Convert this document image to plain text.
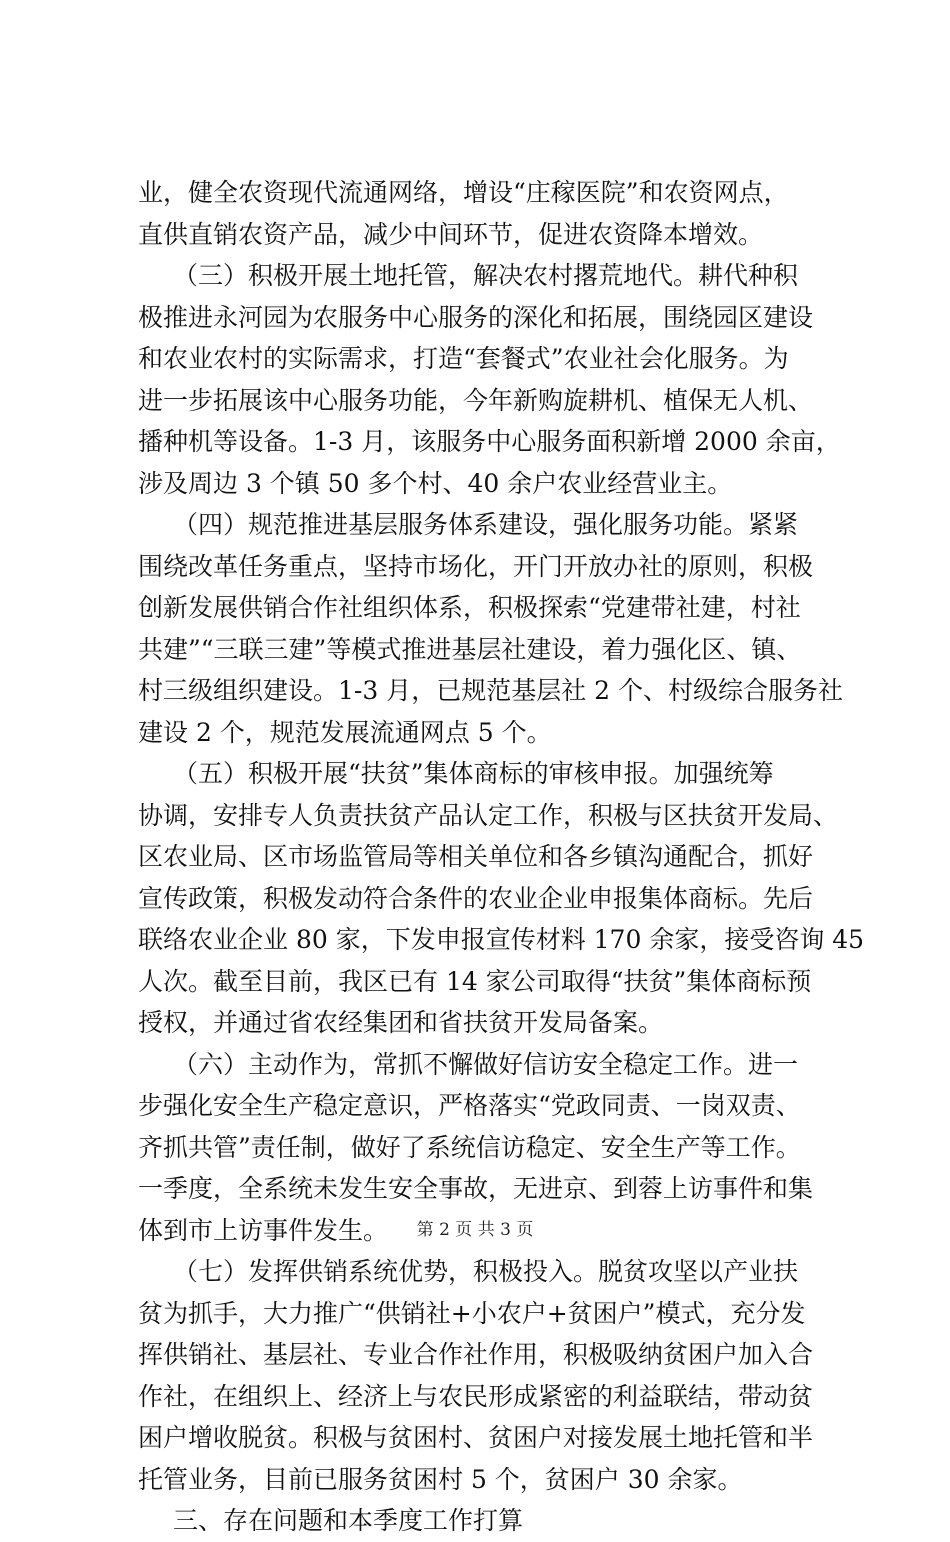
业，健全农资现代流通网络，增设“庄稼医院”和农资网点，
直供直销农资产品，减少中间环节，促进农资降本增效。
（三）积极开展土地托管，解决农村撂荒地代。耕代种积
极推进永河园为农服务中心服务的深化和拓展，围绕园区建设
和农业农村的实际需求，打造“套餐式”农业社会化服务。为
进一步拓展该中心服务功能，今年新购旋耕机、植保无人机、
播种机等设备。1-3 月，该服务中心服务面积新增 2000 余亩，
涉及周边 3 个镇 50 多个村、40 余户农业经营业主。
（四）规范推进基层服务体系建设，强化服务功能。紧紧
围绕改革任务重点，坚持市场化，开门开放办社的原则，积极
创新发展供销合作社组织体系，积极探索“党建带社建，村社
共建”“三联三建”等模式推进基层社建设，着力强化区、镇、
村三级组织建设。1-3 月，已规范基层社 2 个、村级综合服务社
建设 2 个，规范发展流通网点 5 个。
（五）积极开展“扶贫”集体商标的审核申报。加强统筹
协调，安排专人负责扶贫产品认定工作，积极与区扶贫开发局、
区农业局、区市场监管局等相关单位和各乡镇沟通配合，抓好
宣传政策，积极发动符合条件的农业企业申报集体商标。先后
联络农业企业 80 家，下发申报宣传材料 170 余家，接受咨询 45
人次。截至目前，我区已有 14 家公司取得“扶贫”集体商标预
授权，并通过省农经集团和省扶贫开发局备案。
（六）主动作为，常抓不懈做好信访安全稳定工作。进一
步强化安全生产稳定意识，严格落实“党政同责、一岗双责、
齐抓共管”责任制，做好了系统信访稳定、安全生产等工作。
一季度，全系统未发生安全事故，无进京、到蓉上访事件和集
体到市上访事件发生。
（七）发挥供销系统优势，积极投入。脱贫攻坚以产业扶
贫为抓手，大力推广“供销社+小农户+贫困户”模式，充分发
挥供销社、基层社、专业合作社作用，积极吸纳贫困户加入合
作社，在组织上、经济上与农民形成紧密的利益联结，带动贫
困户增收脱贫。积极与贫困村、贫困户对接发展土地托管和半
托管业务，目前已服务贫困村 5 个，贫困户 30 余家。
三、存在问题和本季度工作打算
第 2 页 共 3 页
